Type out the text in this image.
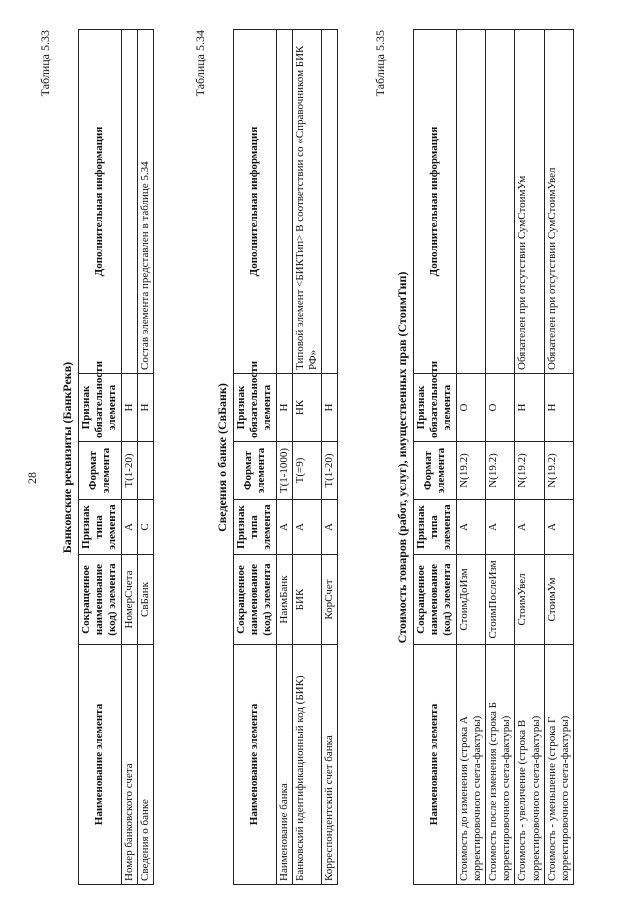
28
Таблица 5.33
Банковские реквизиты (БанкРекв)
Наименование элемента	Сокращенное наименование (код) элемента	Признак типа элемента	Формат элемента	Признак обязательности элемента	Дополнительная информация
Номер банковского счета	НомерСчета	А	Т(1-20)	Н	
Сведения о банке	СвБанк	С		Н	Состав элемента представлен в таблице 5.34
Таблица 5.34
Сведения о банке (СвБанк)
Наименование элемента	Сокращенное наименование (код) элемента	Признак типа элемента	Формат элемента	Признак обязательности элемента	Дополнительная информация
Наименование банка	НаимБанк	А	Т(1-1000)	Н	
Банковский идентификационный код (БИК)	БИК	А	Т(=9)	НК	Типовой элемент <БИКТип> В соответствии со «Справочником БИК РФ»
Корреспондентский счет банка	КорСчет	А	Т(1-20)	Н	
Таблица 5.35
Стоимость товаров (работ, услуг), имущественных прав (СтоимТип)
Наименование элемента	Сокращенное наименование (код) элемента	Признак типа элемента	Формат элемента	Признак обязательности элемента	Дополнительная информация
Стоимость до изменения (строка А корректировочного счета-фактуры)	СтоимДоИзм	А	N(19.2)	О	
Стоимость после изменения (строка Б корректировочного счета-фактуры)	СтоимПослеИзм	А	N(19.2)	О	
Стоимость - увеличение (строка В корректировочного счета-фактуры)	СтоимУвел	А	N(19.2)	Н	Обязателен при отсутствии СумСтоимУм
Стоимость - уменьшение (строка Г корректировочного счета-фактуры)	СтоимУм	А	N(19.2)	Н	Обязателен при отсутствии СумСтоимУвел
